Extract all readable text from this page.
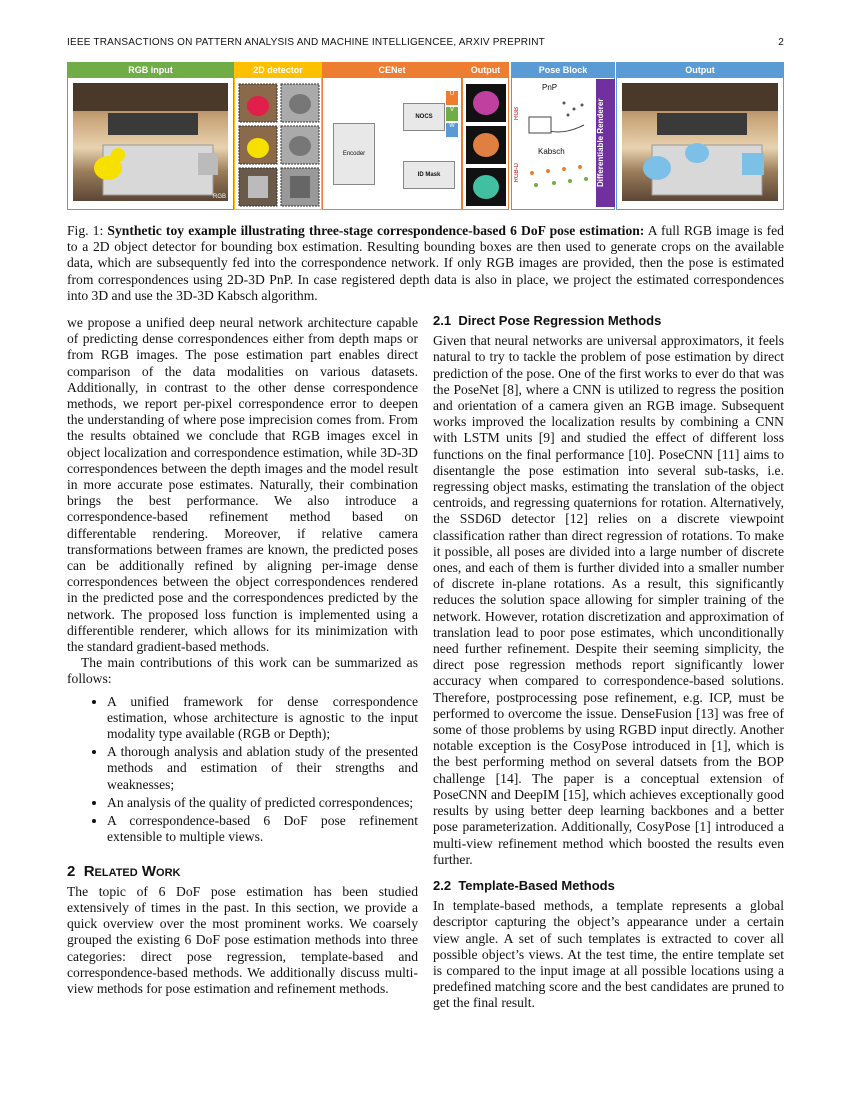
IEEE TRANSACTIONS ON PATTERN ANALYSIS AND MACHINE INTELLIGENCEE, ARXIV PREPRINT	2
RGB input
RGB
2D detector	CENet
Encoder
NOCS
ID Mask
U
V
W
Output	Pose Block
PnP
Kabsch
RGB
RGB-D	Differentiable Renderer
Output
Fig. 1: Synthetic toy example illustrating three-stage correspondence-based 6 DoF pose estimation: A full RGB image is fed to a 2D object detector for bounding box estimation. Resulting bounding boxes are then used to generate crops on the available data, which are subsequently fed into the correspondence network. If only RGB images are provided, then the pose is estimated from correspondences using 2D-3D PnP. In case registered depth data is also in place, we project the estimated correspondences into 3D and use the 3D-3D Kabsch algorithm.

we propose a unified deep neural network architecture capable of predicting dense correspondences either from depth maps or from RGB images. The pose estimation part enables direct comparison of the data modalities on various datasets. Additionally, in contrast to the other dense correspondence methods, we report per-pixel correspondence error to deepen the understanding of where pose imprecision comes from. From the results obtained we conclude that RGB images excel in object localization and correspondence estimation, while 3D-3D correspondences between the depth images and the model result in more accurate pose estimates. Naturally, their combination brings the best performance. We also introduce a correspondence-based refinement method based on differentable rendering. Moreover, if relative camera transformations between frames are known, the predicted poses can be additionally refined by aligning per-image dense correspondences between the object correspondences rendered in the predicted pose and the correspondences predicted by the network. The proposed loss function is implemented using a differentible renderer, which allows for its minimization with the standard gradient-based methods.

The main contributions of this work can be summarized as follows:

• A unified framework for dense correspondence estimation, whose architecture is agnostic to the input modality type available (RGB or Depth);
• A thorough analysis and ablation study of the presented methods and estimation of their strengths and weaknesses;
• An analysis of the quality of predicted correspondences;
• A correspondence-based 6 DoF pose refinement extensible to multiple views.
2 Related Work

The topic of 6 DoF pose estimation has been studied extensively of times in the past. In this section, we provide a quick overview over the most prominent works. We coarsely grouped the existing 6 DoF pose estimation methods into three categories: direct pose regression, template-based and correspondence-based methods. We additionally discuss multi-view methods for pose estimation and refinement methods.

2.1 Direct Pose Regression Methods

Given that neural networks are universal approximators, it feels natural to try to tackle the problem of pose estimation by direct prediction of the pose. One of the first works to ever do that was the PoseNet [8], where a CNN is utilized to regress the position and orientation of a camera given an RGB image. Subsequent works improved the localization results by combining a CNN with LSTM units [9] and studied the effect of different loss functions on the final performance [10]. PoseCNN [11] aims to disentangle the pose estimation into several sub-tasks, i.e. regressing object masks, estimating the translation of the object centroids, and regressing quaternions for rotation. Alternatively, the SSD6D detector [12] relies on a discrete viewpoint classification rather than direct regression of rotations. To make it possible, all poses are divided into a large number of discrete ones, and each of them is further divided into a smaller number of discrete in-plane rotations. As a result, this significantly reduces the solution space allowing for simpler training of the network. However, rotation discretization and approximation of translation lead to poor pose estimates, which unconditionally need further refinement. Despite their seeming simplicity, the direct pose regression methods report significantly lower accuracy when compared to correspondence-based solutions. Therefore, postprocessing pose refinement, e.g. ICP, must be performed to overcome the issue. DenseFusion [13] was free of some of those problems by using RGBD input directly. Another notable exception is the CosyPose introduced in [1], which is the best performing method on several datsets from the BOP challenge [14]. The paper is a conceptual extension of PoseCNN and DeepIM [15], which achieves exceptionally good results by using better deep learning backbones and a better pose parameterization. Additionally, CosyPose [1] introduced a multi-view refinement method which boosted the results even further.

2.2 Template-Based Methods

In template-based methods, a template represents a global descriptor capturing the object’s appearance under a certain view angle. A set of such templates is extracted to cover all possible object’s views. At the test time, the entire template set is compared to the input image at all possible locations using a predefined matching score and the best candidates are pruned to get the final result.
